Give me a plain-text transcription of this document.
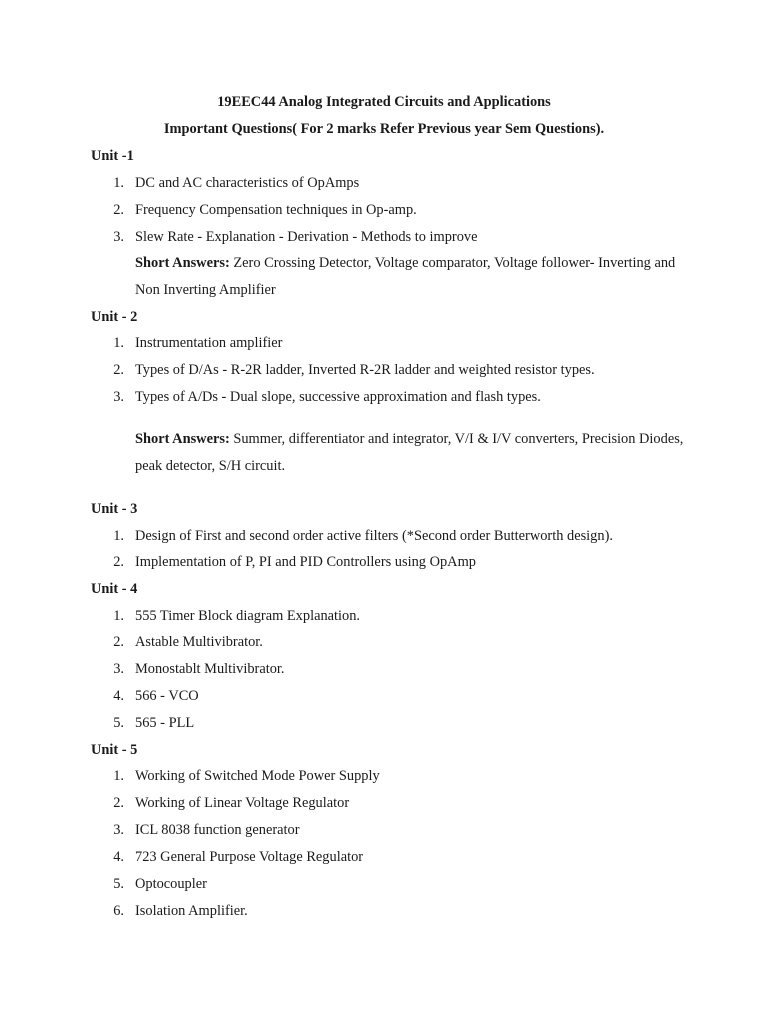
19EEC44 Analog Integrated Circuits and Applications
Important Questions( For 2 marks Refer Previous year Sem Questions).
Unit -1
1. DC and AC characteristics of OpAmps
2. Frequency Compensation techniques in Op-amp.
3. Slew Rate - Explanation - Derivation - Methods to improve
Short Answers: Zero Crossing Detector, Voltage comparator, Voltage follower- Inverting and Non Inverting Amplifier
Unit - 2
1. Instrumentation amplifier
2. Types of D/As - R-2R ladder, Inverted R-2R ladder and weighted resistor types.
3. Types of A/Ds - Dual slope, successive approximation and flash types.
Short Answers: Summer, differentiator and integrator, V/I & I/V converters, Precision Diodes, peak detector, S/H circuit.
Unit - 3
1. Design of First and second order active filters (*Second order Butterworth design).
2. Implementation of P, PI and PID Controllers using OpAmp
Unit - 4
1. 555 Timer Block diagram Explanation.
2. Astable Multivibrator.
3. Monostablt Multivibrator.
4. 566 - VCO
5. 565 - PLL
Unit - 5
1. Working of Switched Mode Power Supply
2. Working of Linear Voltage Regulator
3. ICL 8038 function generator
4. 723 General Purpose Voltage Regulator
5. Optocoupler
6. Isolation Amplifier.
